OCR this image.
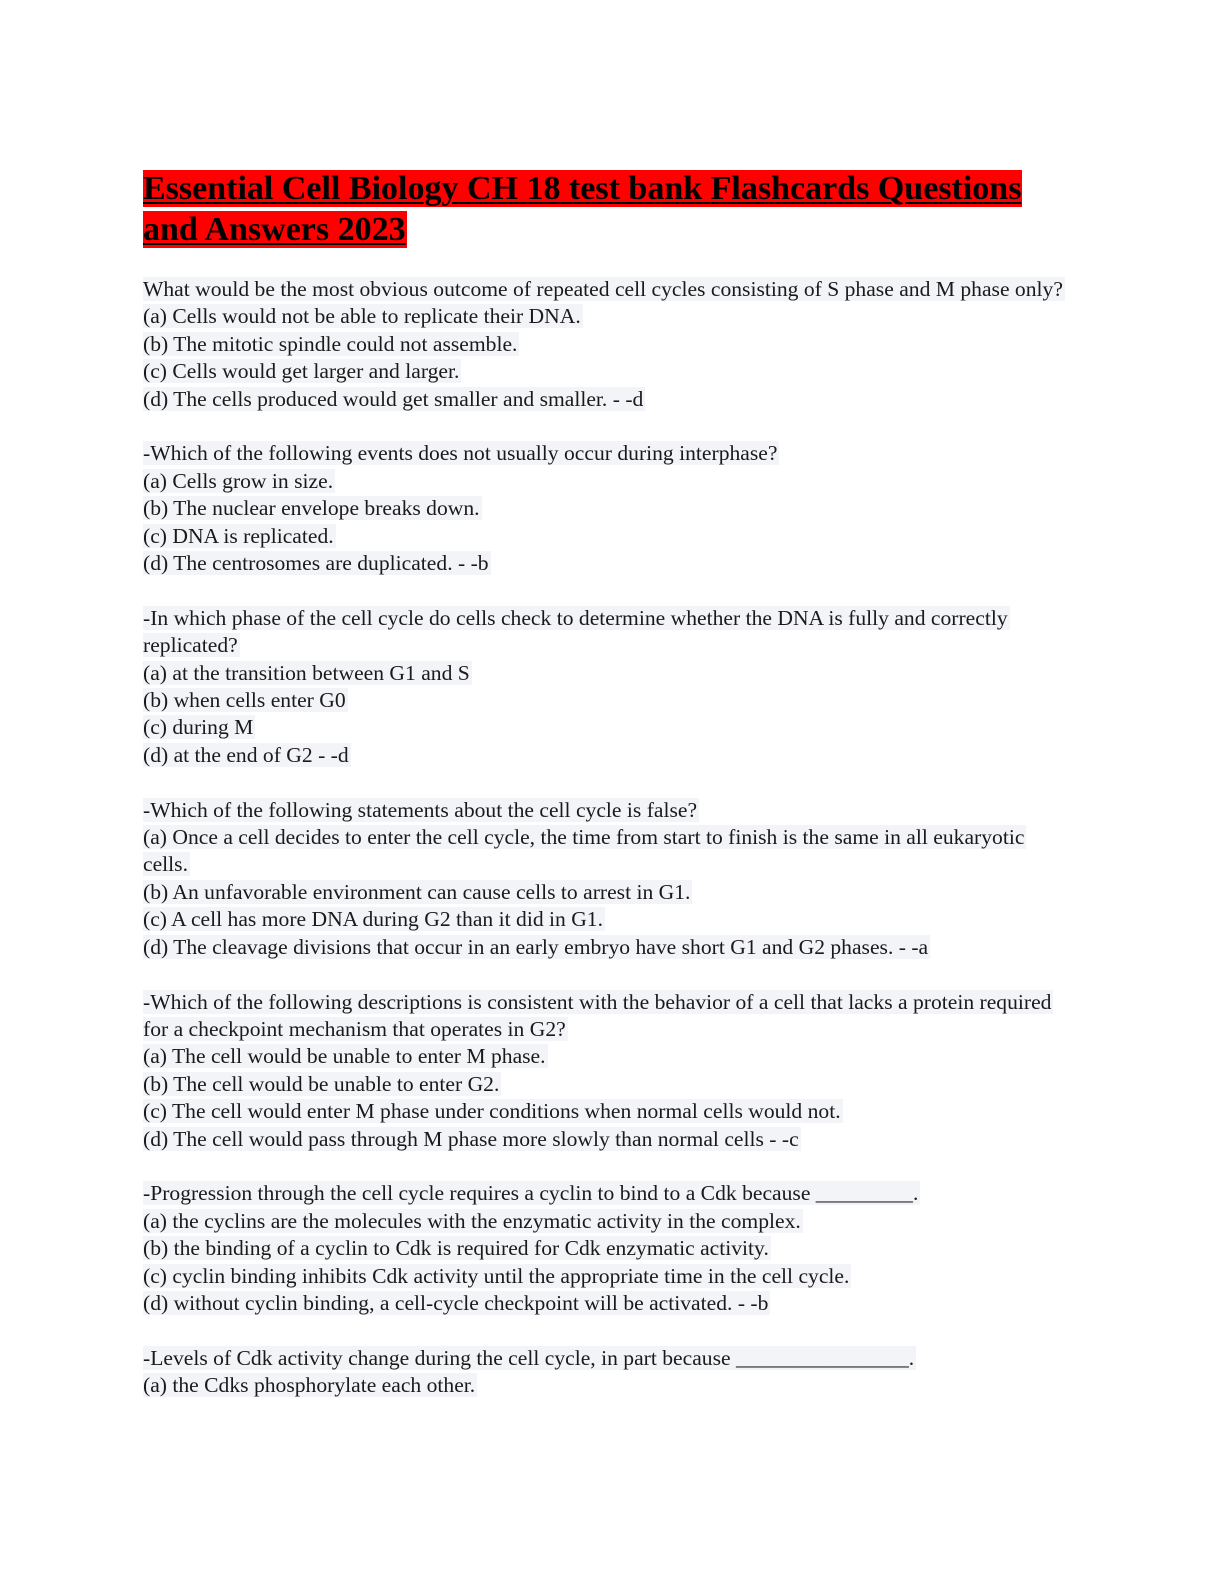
Essential Cell Biology CH 18 test bank Flashcards Questions and Answers 2023
What would be the most obvious outcome of repeated cell cycles consisting of S phase and M phase only?
(a) Cells would not be able to replicate their DNA.
(b) The mitotic spindle could not assemble.
(c) Cells would get larger and larger.
(d) The cells produced would get smaller and smaller. - -d
-Which of the following events does not usually occur during interphase?
(a) Cells grow in size.
(b) The nuclear envelope breaks down.
(c) DNA is replicated.
(d) The centrosomes are duplicated. - -b
-In which phase of the cell cycle do cells check to determine whether the DNA is fully and correctly replicated?
(a) at the transition between G1 and S
(b) when cells enter G0
(c) during M
(d) at the end of G2 - -d
-Which of the following statements about the cell cycle is false?
(a) Once a cell decides to enter the cell cycle, the time from start to finish is the same in all eukaryotic cells.
(b) An unfavorable environment can cause cells to arrest in G1.
(c) A cell has more DNA during G2 than it did in G1.
(d) The cleavage divisions that occur in an early embryo have short G1 and G2 phases. - -a
-Which of the following descriptions is consistent with the behavior of a cell that lacks a protein required for a checkpoint mechanism that operates in G2?
(a) The cell would be unable to enter M phase.
(b) The cell would be unable to enter G2.
(c) The cell would enter M phase under conditions when normal cells would not.
(d) The cell would pass through M phase more slowly than normal cells - -c
-Progression through the cell cycle requires a cyclin to bind to a Cdk because _________.
(a) the cyclins are the molecules with the enzymatic activity in the complex.
(b) the binding of a cyclin to Cdk is required for Cdk enzymatic activity.
(c) cyclin binding inhibits Cdk activity until the appropriate time in the cell cycle.
(d) without cyclin binding, a cell-cycle checkpoint will be activated. - -b
-Levels of Cdk activity change during the cell cycle, in part because ________________.
(a) the Cdks phosphorylate each other.
